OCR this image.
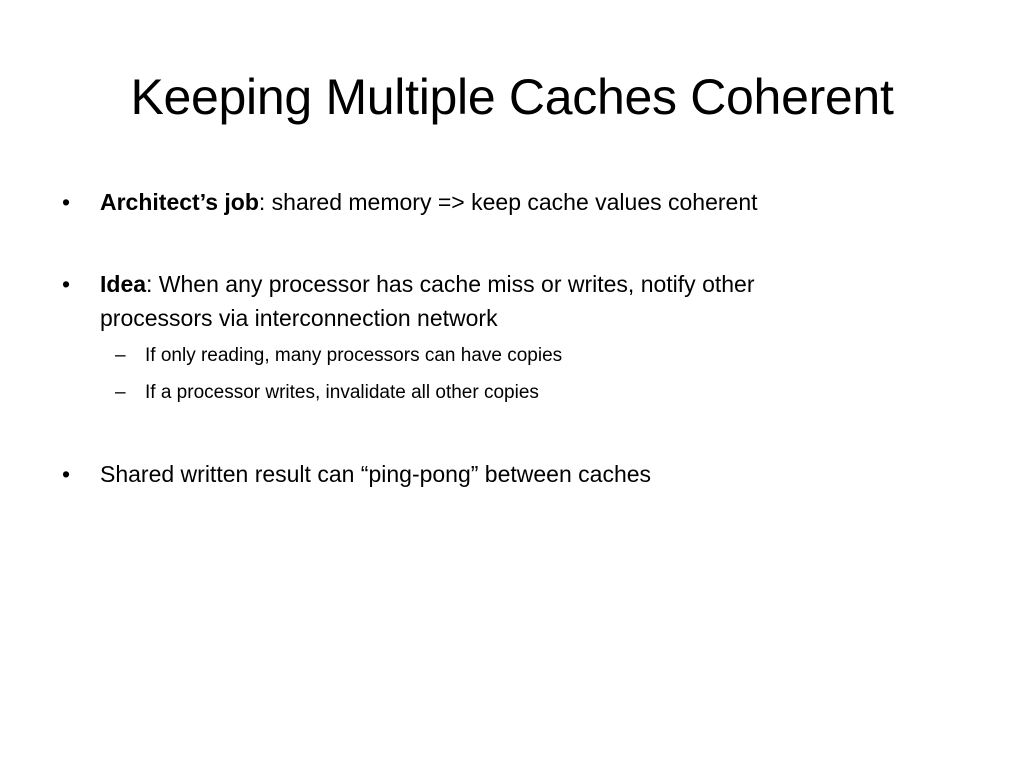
Keeping Multiple Caches Coherent
•	Architect’s job: shared memory => keep cache values coherent
•	Idea: When any processor has cache miss or writes, notify other
processors via interconnection network
–	If only reading, many processors can have copies
–	If a processor writes, invalidate all other copies
•	Shared written result can “ping-pong” between caches
